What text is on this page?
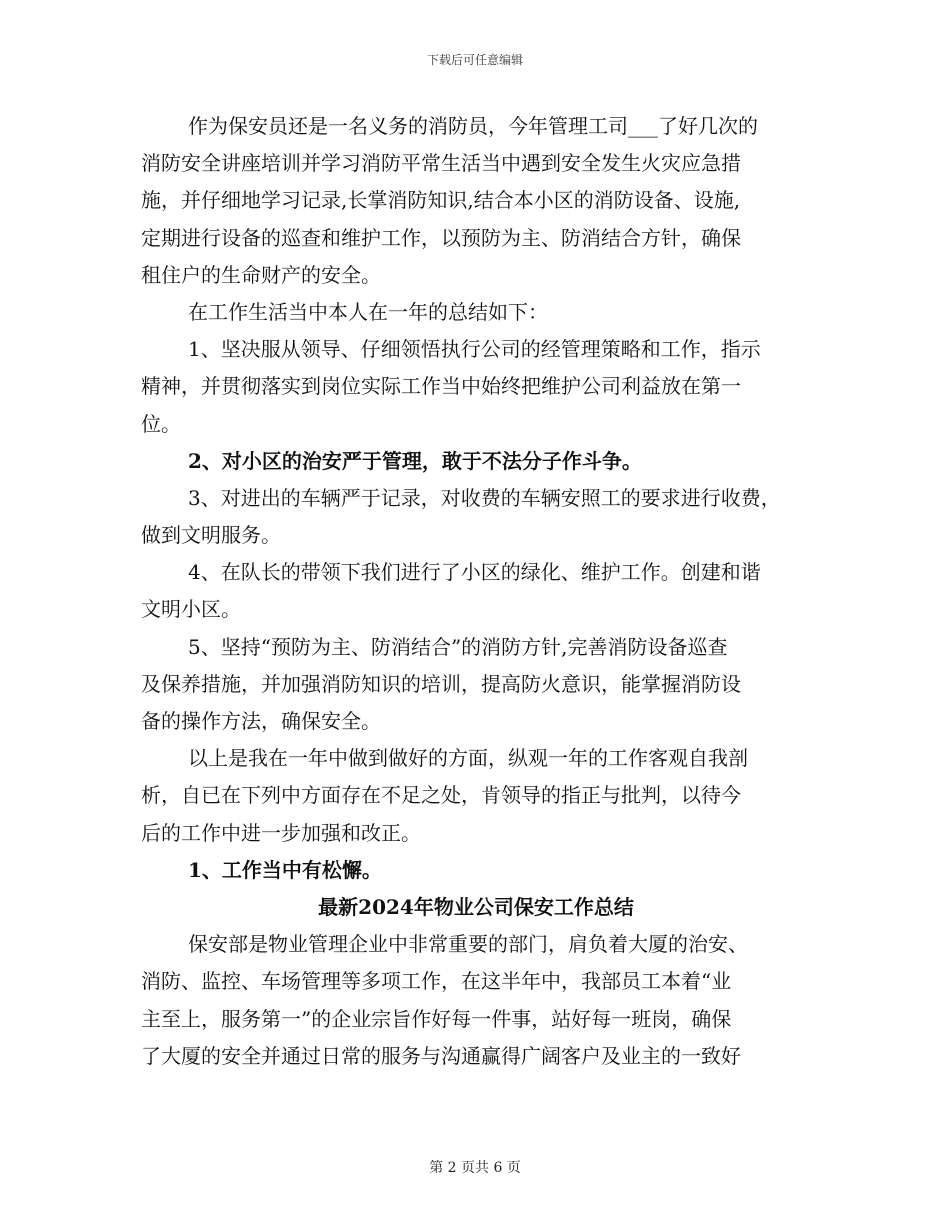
下载后可任意编辑
作为保安员还是一名义务的消防员，今年管理工司___了好几次的
消防安全讲座培训并学习消防平常生活当中遇到安全发生火灾应急措
施，并仔细地学习记录,长掌消防知识,结合本小区的消防设备、设施,
定期进行设备的巡查和维护工作，以预防为主、防消结合方针，确保
租住户的生命财产的安全。
在工作生活当中本人在一年的总结如下：
1、坚决服从领导、仔细领悟执行公司的经管理策略和工作，指示
精神，并贯彻落实到岗位实际工作当中始终把维护公司利益放在第一
位。
2、对小区的治安严于管理，敢于不法分子作斗争。
3、对进出的车辆严于记录，对收费的车辆安照工的要求进行收费，
做到文明服务。
4、在队长的带领下我们进行了小区的绿化、维护工作。创建和谐
文明小区。
5、坚持“预防为主、防消结合”的消防方针,完善消防设备巡查
及保养措施，并加强消防知识的培训，提高防火意识，能掌握消防设
备的操作方法，确保安全。
以上是我在一年中做到做好的方面，纵观一年的工作客观自我剖
析，自已在下列中方面存在不足之处，肯领导的指正与批判，以待今
后的工作中进一步加强和改正。
1、工作当中有松懈。
最新2024年物业公司保安工作总结
保安部是物业管理企业中非常重要的部门，肩负着大厦的治安、
消防、监控、车场管理等多项工作，在这半年中，我部员工本着“业
主至上，服务第一”的企业宗旨作好每一件事，站好每一班岗，确保
了大厦的安全并通过日常的服务与沟通赢得广阔客户及业主的一致好
第 2 页共 6 页
